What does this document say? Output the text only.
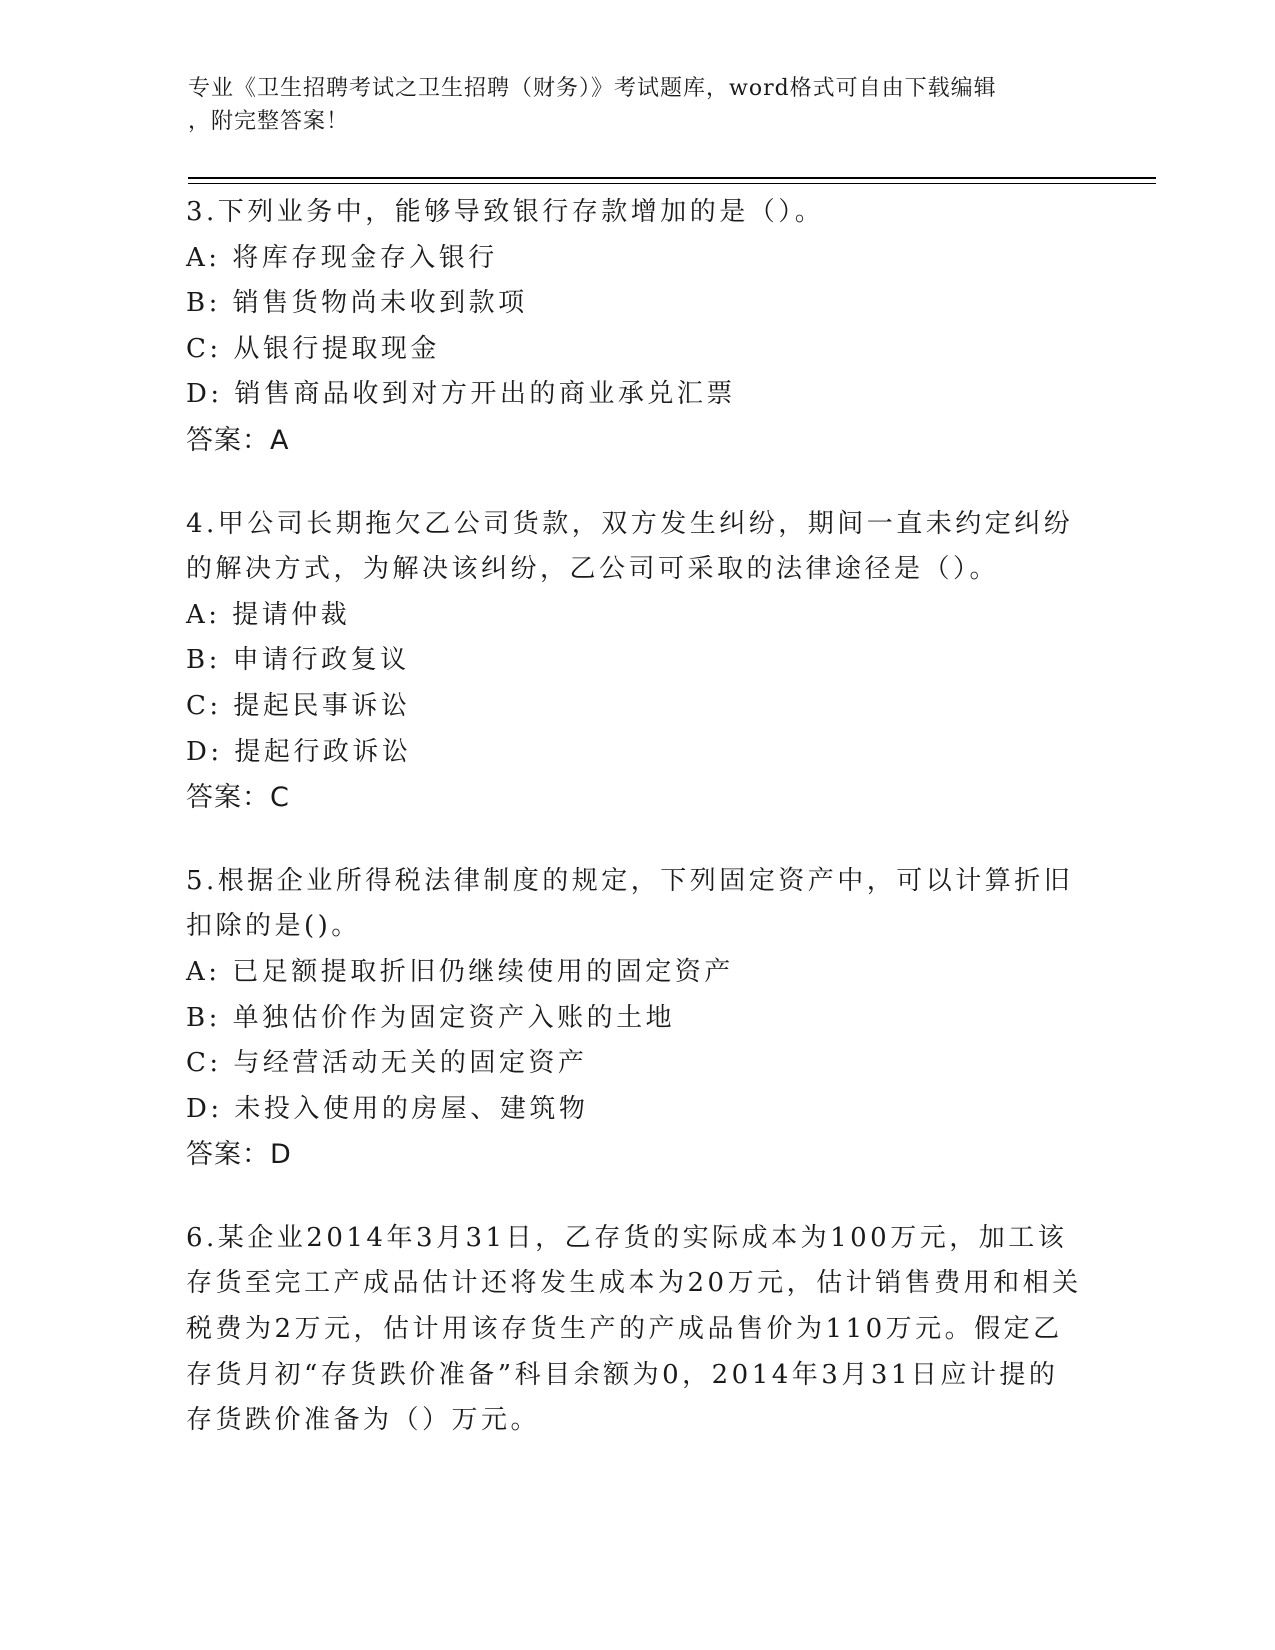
专业《卫生招聘考试之卫生招聘（财务）》考试题库，word格式可自由下载编辑
，附完整答案！
3.下列业务中，能够导致银行存款增加的是（）。
A: 将库存现金存入银行
B: 销售货物尚未收到款项
C: 从银行提取现金
D: 销售商品收到对方开出的商业承兑汇票
答案：A
4.甲公司长期拖欠乙公司货款，双方发生纠纷，期间一直未约定纠纷
的解决方式，为解决该纠纷，乙公司可采取的法律途径是（）。
A: 提请仲裁
B: 申请行政复议
C: 提起民事诉讼
D: 提起行政诉讼
答案：C
5.根据企业所得税法律制度的规定，下列固定资产中，可以计算折旧
扣除的是()。
A: 已足额提取折旧仍继续使用的固定资产
B: 单独估价作为固定资产入账的土地
C: 与经营活动无关的固定资产
D: 未投入使用的房屋、建筑物
答案：D
6.某企业2014年3月31日，乙存货的实际成本为100万元，加工该
存货至完工产成品估计还将发生成本为20万元，估计销售费用和相关
税费为2万元，估计用该存货生产的产成品售价为110万元。假定乙
存货月初“存货跌价准备”科目余额为0，2014年3月31日应计提的
存货跌价准备为（）万元。
